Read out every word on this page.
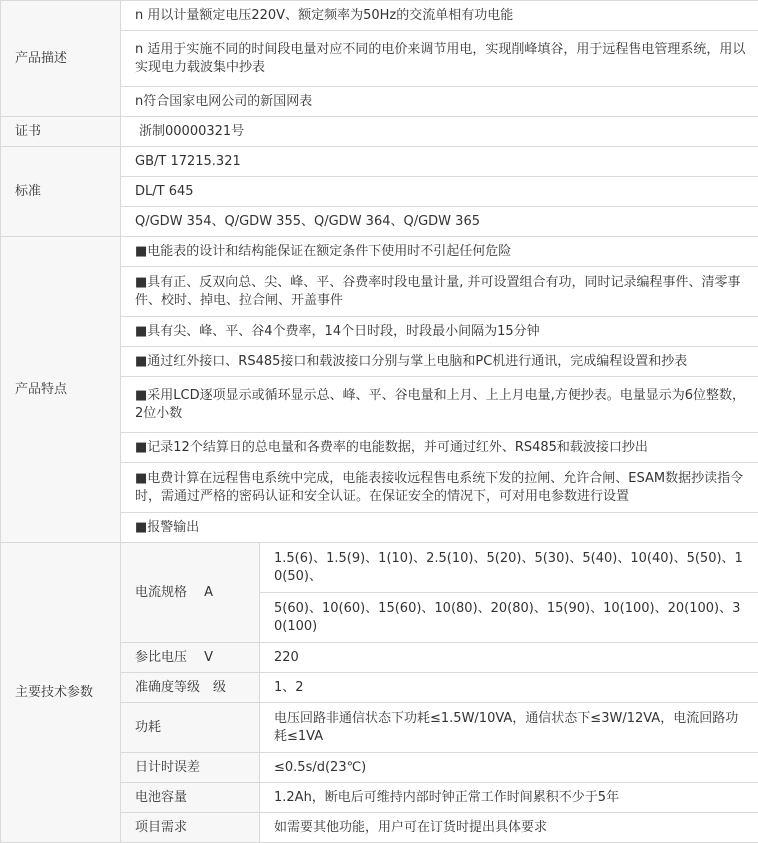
产品描述	n 用以计量额定电压220V、额定频率为50Hz的交流单相有功电能	
	n 适用于实施不同的时间段电量对应不同的电价来调节用电，实现削峰填谷，用于远程售电管理系统，用以实现电力载波集中抄表	
	n符合国家电网公司的新国网表	
证书	浙制00000321号	
标准	GB/T 17215.321	
	DL/T 645	
	Q/GDW 354、Q/GDW 355、Q/GDW 364、Q/GDW 365	
产品特点	■电能表的设计和结构能保证在额定条件下使用时不引起任何危险	
	■具有正、反双向总、尖、峰、平、谷费率时段电量计量, 并可设置组合有功，同时记录编程事件、清零事件、校时、掉电、拉合闸、开盖事件	
	■具有尖、峰、平、谷4个费率，14个日时段，时段最小间隔为15分钟	
	■通过红外接口、RS485接口和载波接口分别与掌上电脑和PC机进行通讯，完成编程设置和抄表	
	■采用LCD逐项显示或循环显示总、峰、平、谷电量和上月、上上月电量,方便抄表。电量显示为6位整数，2位小数	
	■记录12个结算日的总电量和各费率的电能数据，并可通过红外、RS485和载波接口抄出	
	■电费计算在远程售电系统中完成，电能表接收远程售电系统下发的拉闸、允许合闸、ESAM数据抄读指令时，需通过严格的密码认证和安全认证。在保证安全的情况下，可对用电参数进行设置	
	■报警输出	
主要技术参数	电流规格　 A	1.5(6)、1.5(9)、1(10)、2.5(10)、5(20)、5(30)、5(40)、10(40)、5(50)、10(50)、
		5(60)、10(60)、15(60)、10(80)、20(80)、15(90)、10(100)、20(100)、30(100)
	参比电压　 V	220
	准确度等级　级	1、2
	功耗	电压回路非通信状态下功耗≤1.5W/10VA，通信状态下≤3W/12VA，电流回路功耗≤1VA
	日计时误差	≤0.5s/d(23℃)
	电池容量	1.2Ah，断电后可维持内部时钟正常工作时间累积不少于5年
	项目需求	如需要其他功能，用户可在订货时提出具体要求
